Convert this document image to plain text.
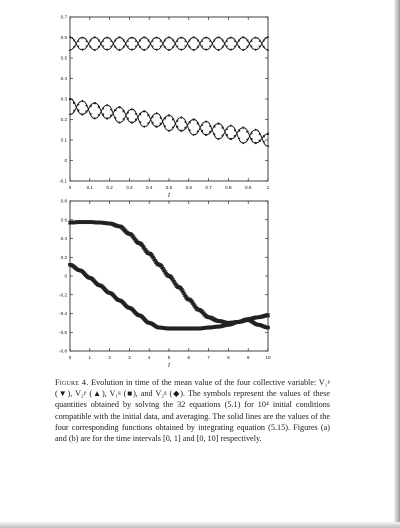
0	0.1	0.2	0.3	0.4	0.5	0.6	0.7	0.8	0.9	1
-0.1
0
0.1
0.2
0.3
0.4
0.5
0.6
0.7
t
0	1	2	3	4	5	6	7	8	9	10
-0.8
-0.6
-0.4
-0.2
0
0.2
0.4
0.6
0.8
t

Figure 4. Evolution in time of the mean value of the four collective variable: V₁ᵖ (▼), V₂ᵖ (▲), V₁ᵍ (■), and V₂ᵍ (◆). The symbols represent the values of these quantities obtained by solving the 32 equations (5.1) for 10⁴ initial conditions compatible with the initial data, and averaging. The solid lines are the values of the four corresponding functions obtained by integrating equation (5.15). Figures (a) and (b) are for the time intervals [0, 1] and [0, 10] respectively.
